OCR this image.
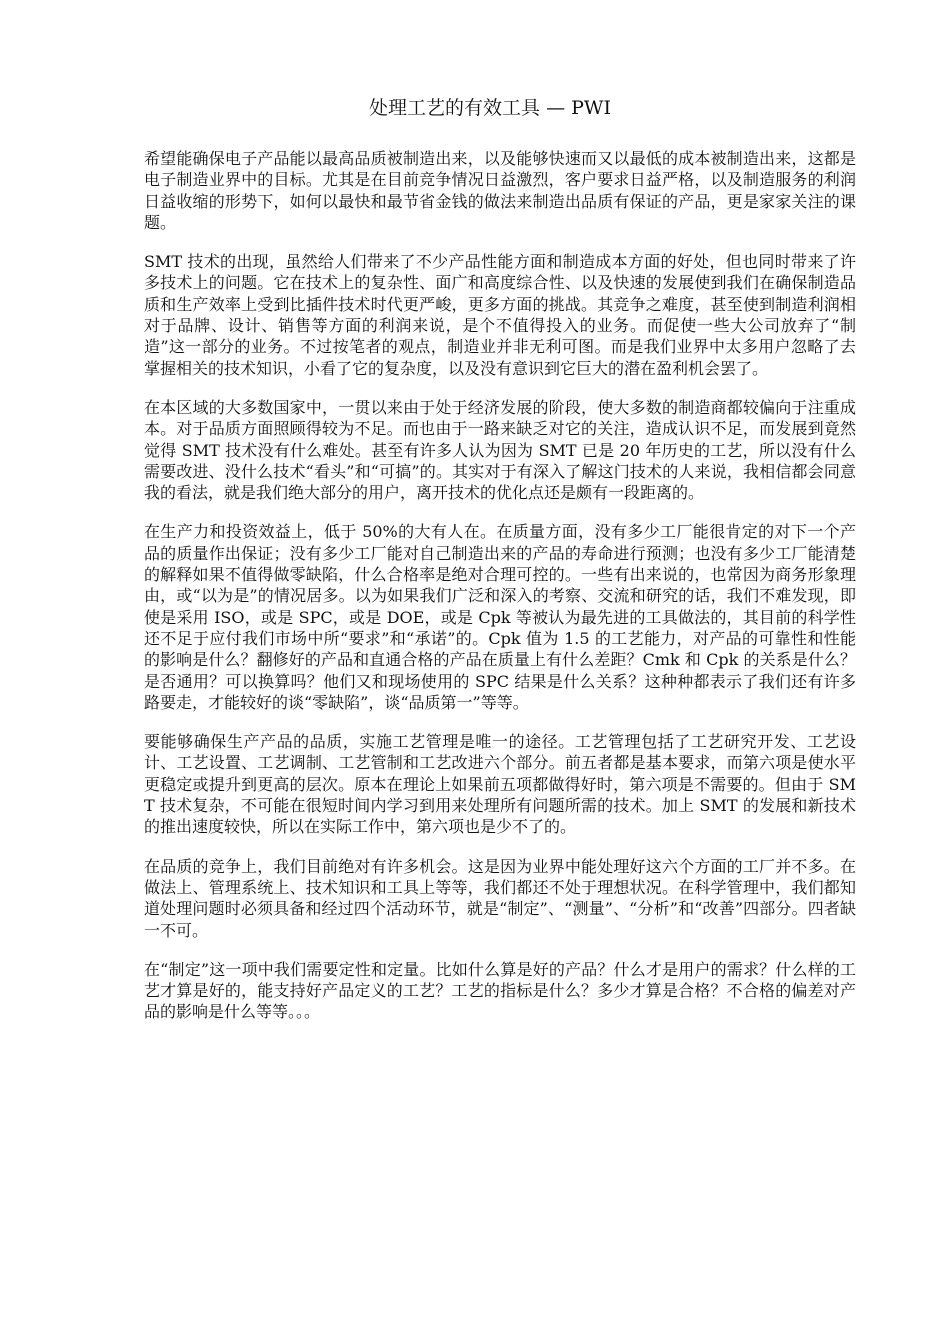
处理工艺的有效工具 — PWI

希望能确保电子产品能以最高品质被制造出来，以及能够快速而又以最低的成本被制造出来，这都是电子制造业界中的目标。尤其是在目前竞争情况日益激烈，客户要求日益严格，以及制造服务的利润日益收缩的形势下，如何以最快和最节省金钱的做法来制造出品质有保证的产品，更是家家关注的课题。

SMT 技术的出现，虽然给人们带来了不少产品性能方面和制造成本方面的好处，但也同时带来了许多技术上的问题。它在技术上的复杂性、面广和高度综合性、以及快速的发展使到我们在确保制造品质和生产效率上受到比插件技术时代更严峻，更多方面的挑战。其竞争之难度，甚至使到制造利润相对于品牌、设计、销售等方面的利润来说，是个不值得投入的业务。而促使一些大公司放弃了“制造”这一部分的业务。不过按笔者的观点，制造业并非无利可图。而是我们业界中太多用户忽略了去掌握相关的技术知识，小看了它的复杂度，以及没有意识到它巨大的潜在盈利机会罢了。

在本区域的大多数国家中，一贯以来由于处于经济发展的阶段，使大多数的制造商都较偏向于注重成本。对于品质方面照顾得较为不足。而也由于一路来缺乏对它的关注，造成认识不足，而发展到竟然觉得 SMT 技术没有什么难处。甚至有许多人认为因为 SMT 已是 20 年历史的工艺，所以没有什么需要改进、没什么技术“看头”和“可搞”的。其实对于有深入了解这门技术的人来说，我相信都会同意我的看法，就是我们绝大部分的用户，离开技术的优化点还是颇有一段距离的。

在生产力和投资效益上，低于 50%的大有人在。在质量方面，没有多少工厂能很肯定的对下一个产品的质量作出保证；没有多少工厂能对自己制造出来的产品的寿命进行预测；也没有多少工厂能清楚的解释如果不值得做零缺陷，什么合格率是绝对合理可控的。一些有出来说的，也常因为商务形象理由，或“以为是”的情况居多。以为如果我们广泛和深入的考察、交流和研究的话，我们不难发现，即使是采用 ISO，或是 SPC，或是 DOE，或是 Cpk 等被认为最先进的工具做法的，其目前的科学性还不足于应付我们市场中所“要求”和“承诺”的。Cpk 值为 1.5 的工艺能力，对产品的可靠性和性能的影响是什么？翻修好的产品和直通合格的产品在质量上有什么差距？Cmk 和 Cpk 的关系是什么？是否通用？可以换算吗？他们又和现场使用的 SPC 结果是什么关系？这种种都表示了我们还有许多路要走，才能较好的谈“零缺陷”，谈“品质第一”等等。

要能够确保生产产品的品质，实施工艺管理是唯一的途径。工艺管理包括了工艺研究开发、工艺设计、工艺设置、工艺调制、工艺管制和工艺改进六个部分。前五者都是基本要求，而第六项是使水平更稳定或提升到更高的层次。原本在理论上如果前五项都做得好时，第六项是不需要的。但由于 SMT 技术复杂，不可能在很短时间内学习到用来处理所有问题所需的技术。加上 SMT 的发展和新技术的推出速度较快，所以在实际工作中，第六项也是少不了的。

在品质的竞争上，我们目前绝对有许多机会。这是因为业界中能处理好这六个方面的工厂并不多。在做法上、管理系统上、技术知识和工具上等等，我们都还不处于理想状况。在科学管理中，我们都知道处理问题时必须具备和经过四个活动环节，就是“制定”、“测量”、“分析”和“改善”四部分。四者缺一不可。

在“制定”这一项中我们需要定性和定量。比如什么算是好的产品？什么才是用户的需求？什么样的工艺才算是好的，能支持好产品定义的工艺？工艺的指标是什么？多少才算是合格？不合格的偏差对产品的影响是什么等等。。。
